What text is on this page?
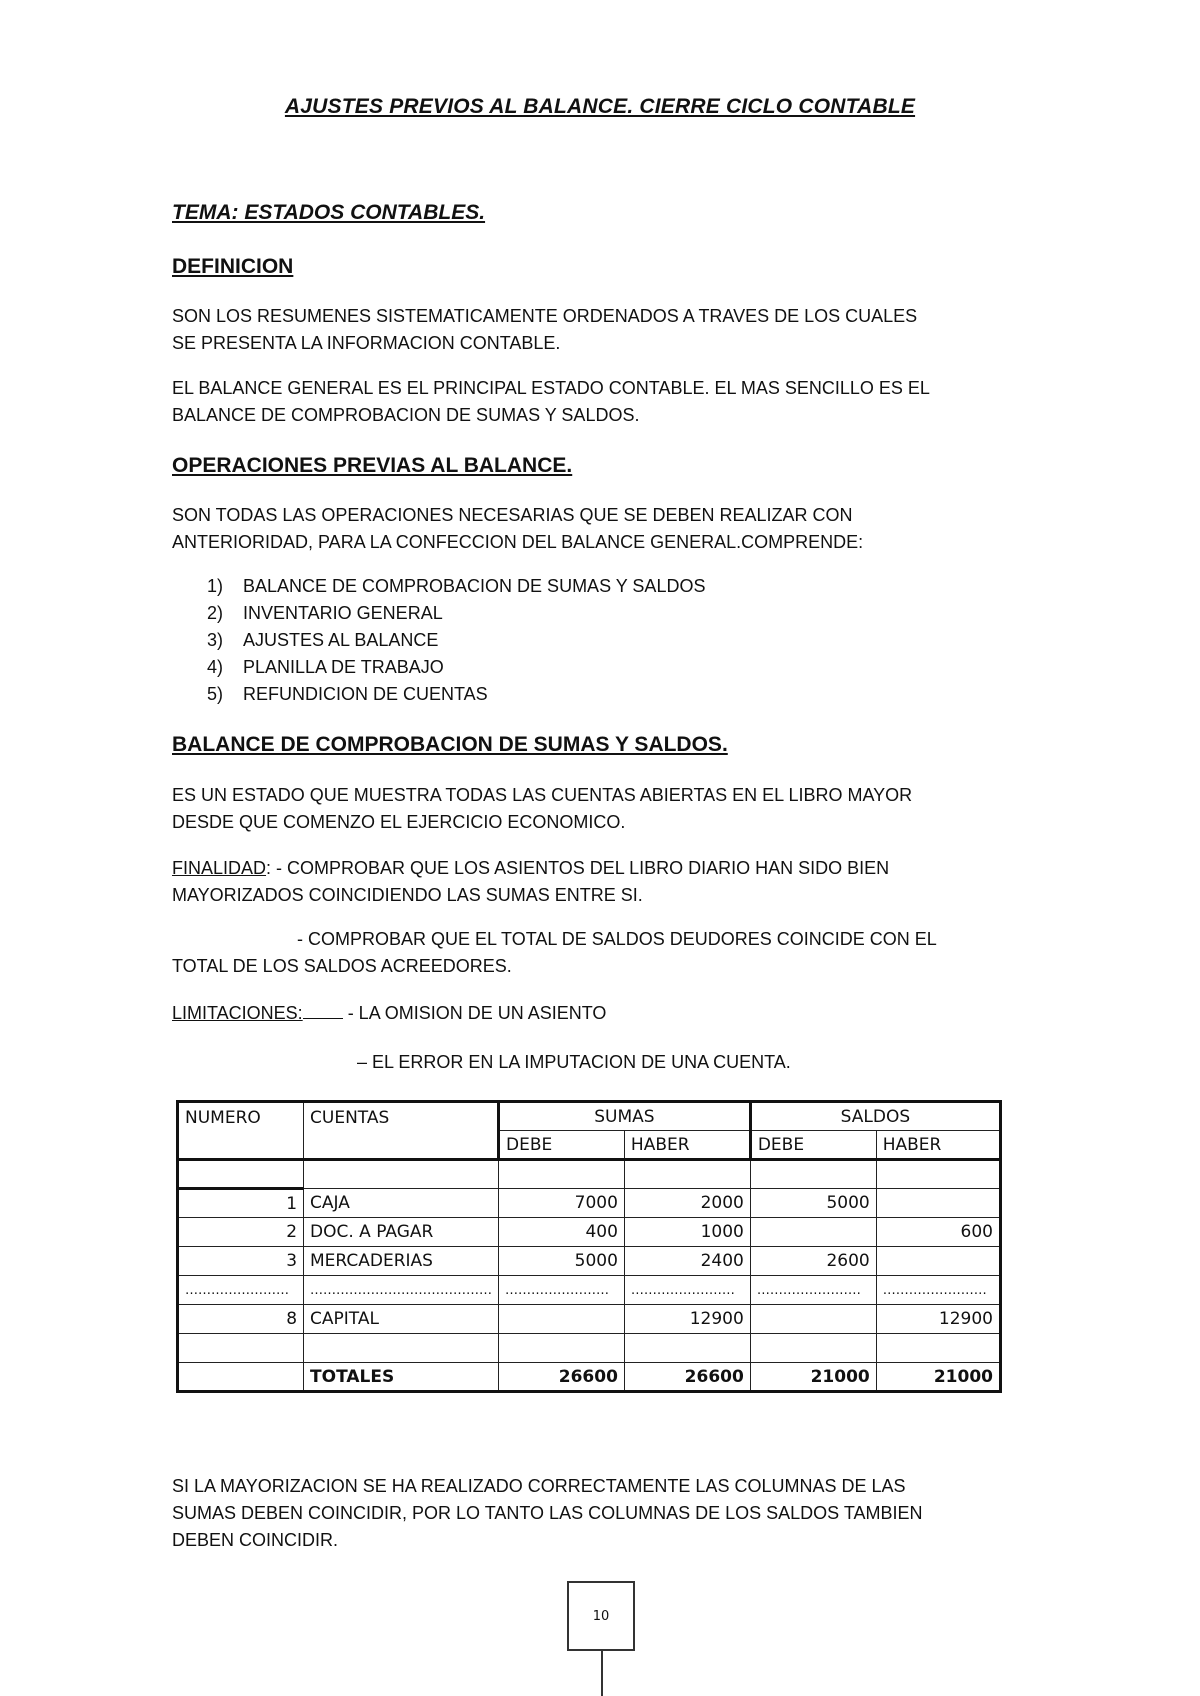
AJUSTES PREVIOS AL BALANCE. CIERRE CICLO CONTABLE
TEMA: ESTADOS CONTABLES.
DEFINICION

SON LOS RESUMENES SISTEMATICAMENTE ORDENADOS A TRAVES DE LOS CUALES

SE PRESENTA LA INFORMACION CONTABLE.

EL BALANCE GENERAL ES EL PRINCIPAL ESTADO CONTABLE. EL MAS SENCILLO ES EL

BALANCE DE COMPROBACION DE SUMAS Y SALDOS.

OPERACIONES PREVIAS AL BALANCE.

SON TODAS LAS OPERACIONES NECESARIAS QUE SE DEBEN REALIZAR CON

ANTERIORIDAD, PARA LA CONFECCION DEL BALANCE GENERAL.COMPRENDE:

1)	BALANCE DE COMPROBACION DE SUMAS Y SALDOS
2)	INVENTARIO GENERAL
3)	AJUSTES AL BALANCE
4)	PLANILLA DE TRABAJO
5)	REFUNDICION DE CUENTAS
BALANCE DE COMPROBACION DE SUMAS Y SALDOS.

ES UN ESTADO QUE MUESTRA TODAS LAS CUENTAS ABIERTAS EN EL LIBRO MAYOR

DESDE QUE COMENZO EL EJERCICIO ECONOMICO.

FINALIDAD: - COMPROBAR QUE LOS ASIENTOS DEL LIBRO DIARIO HAN SIDO BIEN

MAYORIZADOS COINCIDIENDO LAS SUMAS ENTRE SI.

- COMPROBAR QUE EL TOTAL DE SALDOS DEUDORES COINCIDE CON EL

TOTAL DE LOS SALDOS ACREEDORES.

LIMITACIONES: - LA OMISION DE UN ASIENTO

– EL ERROR EN LA IMPUTACION DE UNA CUENTA.

NUMERO	CUENTAS	SUMAS		SALDOS	
		DEBE	HABER	DEBE	HABER

1	CAJA	7000	2000	5000	
2	DOC. A PAGAR	400	1000		600
3	MERCADERIAS	5000	2400	2600	
……………………	……………………………………	……………………	……………………	……………………	……………………
8	CAPITAL		12900		12900

	TOTALES	26600	26600	21000	21000

SI LA MAYORIZACION SE HA REALIZADO CORRECTAMENTE LAS COLUMNAS DE LAS

SUMAS DEBEN COINCIDIR, POR LO TANTO LAS COLUMNAS DE LOS SALDOS TAMBIEN

DEBEN COINCIDIR.

10
